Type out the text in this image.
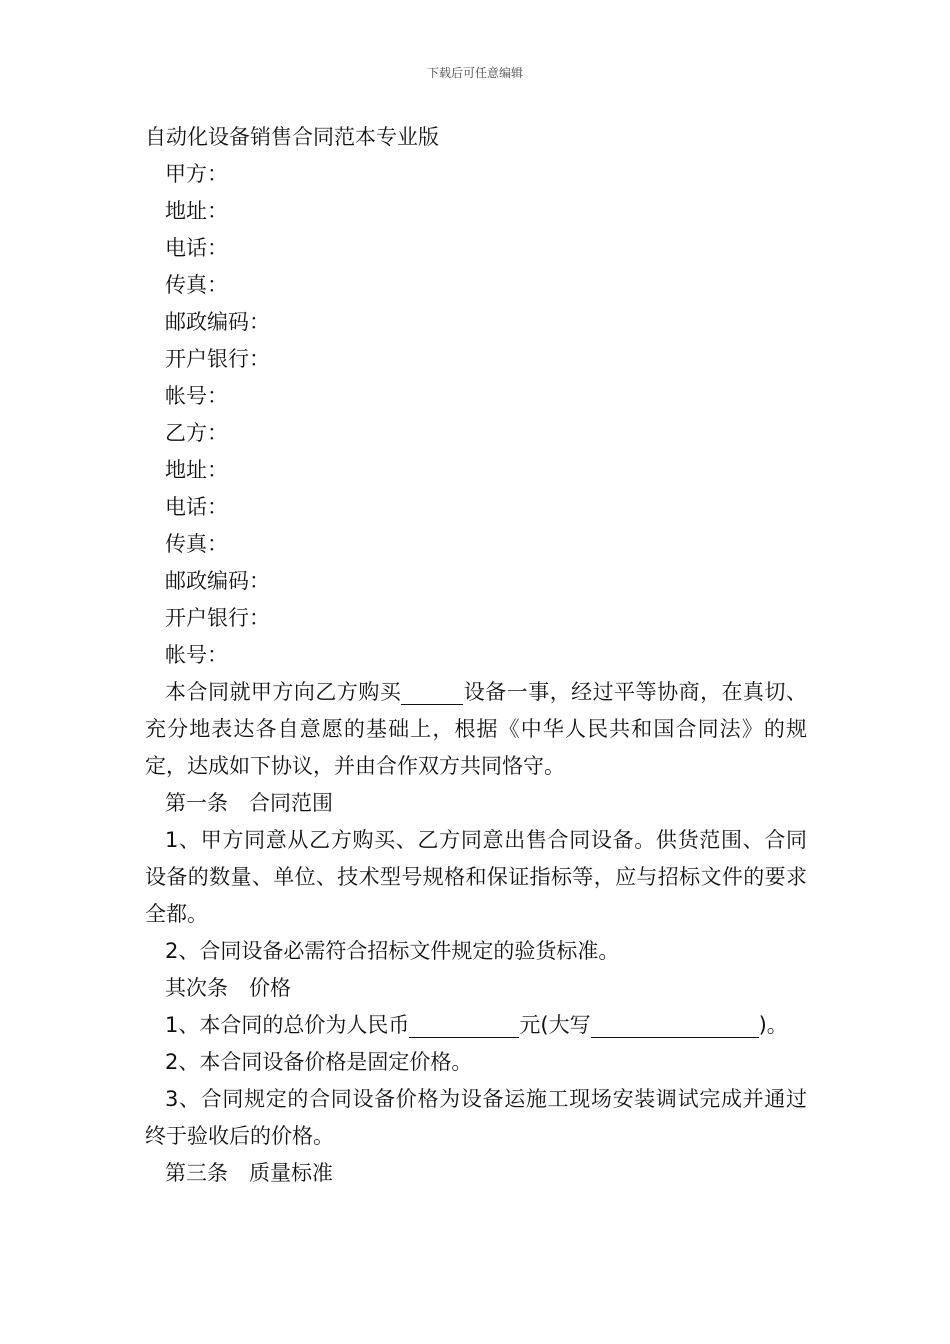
下载后可任意编辑
自动化设备销售合同范本专业版
甲方：
地址：
电话：
传真：
邮政编码：
开户银行：
帐号：
乙方：
地址：
电话：
传真：
邮政编码：
开户银行：
帐号：
本合同就甲方向乙方购买	设备一事，经过平等协商，在真切、充分地表达各自意愿的基础上，根据《中华人民共和国合同法》的规定，达成如下协议，并由合作双方共同恪守。
第一条　合同范围
1、甲方同意从乙方购买、乙方同意出售合同设备。供货范围、合同设备的数量、单位、技术型号规格和保证指标等，应与招标文件的要求全都。
2、合同设备必需符合招标文件规定的验货标准。
其次条　价格
1、本合同的总价为人民币	元(大写	)。
2、本合同设备价格是固定价格。
3、合同规定的合同设备价格为设备运施工现场安装调试完成并通过终于验收后的价格。
第三条　质量标准
